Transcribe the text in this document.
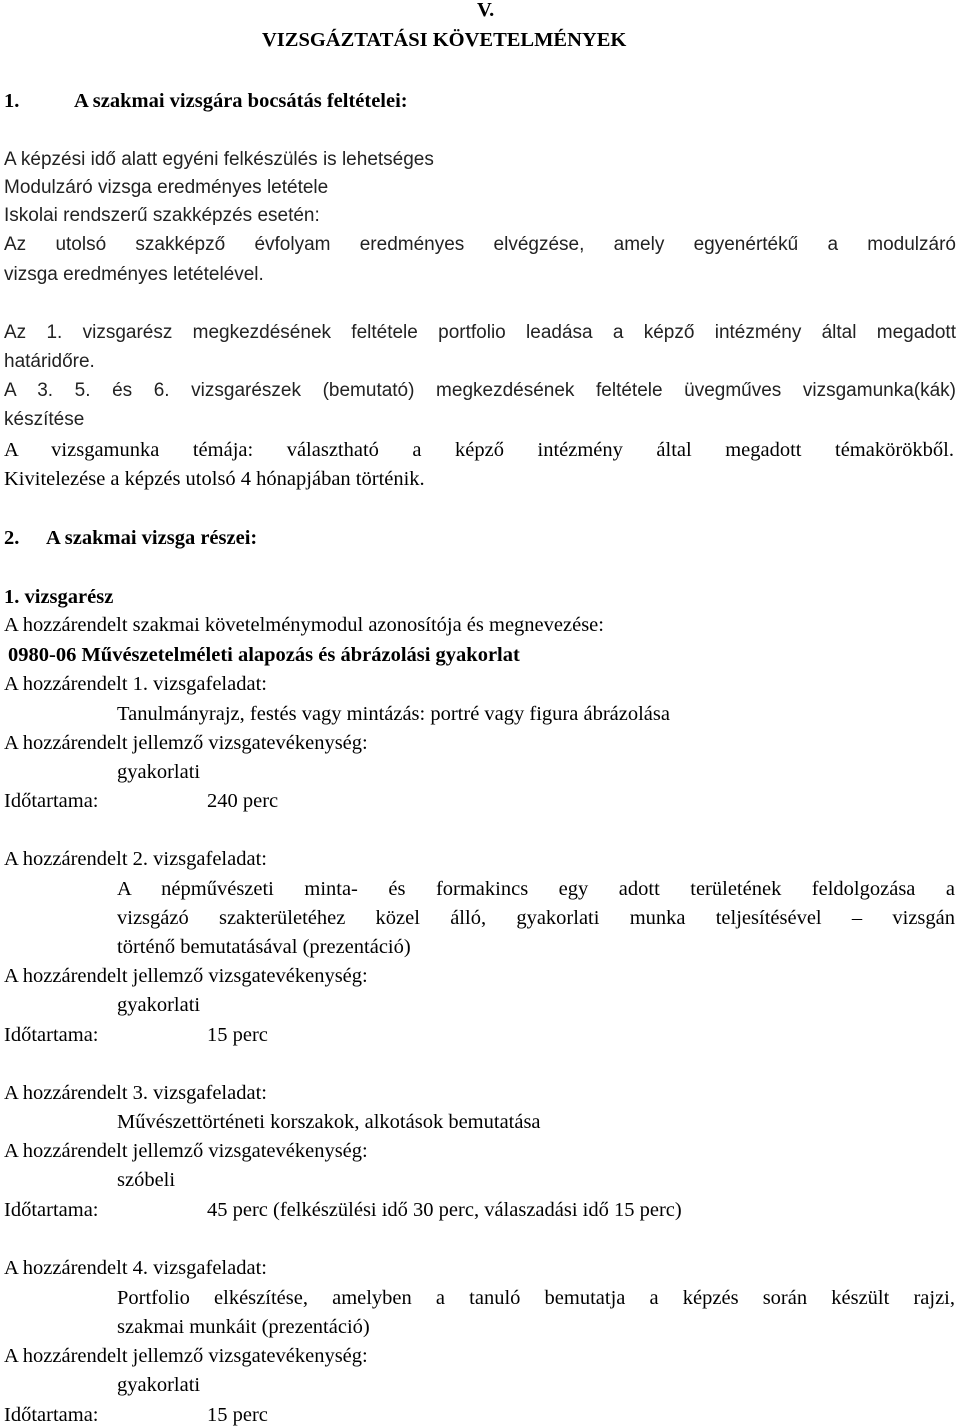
V.
VIZSGÁZTATÁSI KÖVETELMÉNYEK
1.	A szakmai vizsgára bocsátás feltételei:
A képzési idő alatt egyéni felkészülés is lehetséges
Modulzáró vizsga eredményes letétele
Iskolai rendszerű szakképzés esetén:
Az utolsó szakképző évfolyam eredményes elvégzése, amely egyenértékű a modulzáró
vizsga eredményes letételével.
Az 1. vizsgarész megkezdésének feltétele portfolio leadása a képző intézmény által megadott
határidőre.
A 3. 5. és 6. vizsgarészek (bemutató) megkezdésének feltétele üvegműves vizsgamunka(kák)
készítése
A vizsgamunka témája: választható a képző intézmény által megadott témakörökből.
Kivitelezése a képzés utolsó 4 hónapjában történik.
2. A szakmai vizsga részei:
1. vizsgarész
A hozzárendelt szakmai követelménymodul azonosítója és megnevezése:
0980-06 Művészetelméleti alapozás és ábrázolási gyakorlat
A hozzárendelt 1. vizsgafeladat:
Tanulmányrajz, festés vagy mintázás: portré vagy figura ábrázolása
A hozzárendelt jellemző vizsgatevékenység:
gyakorlati
Időtartama:	240 perc
A hozzárendelt 2. vizsgafeladat:
A népművészeti minta- és formakincs egy adott területének feldolgozása a
vizsgázó szakterületéhez közel álló, gyakorlati munka teljesítésével – vizsgán
történő bemutatásával (prezentáció)
A hozzárendelt jellemző vizsgatevékenység:
gyakorlati
Időtartama:	15 perc
A hozzárendelt 3. vizsgafeladat:
Művészettörténeti korszakok, alkotások bemutatása
A hozzárendelt jellemző vizsgatevékenység:
szóbeli
Időtartama:	45 perc (felkészülési idő 30 perc, válaszadási idő 15 perc)
A hozzárendelt 4. vizsgafeladat:
Portfolio elkészítése, amelyben a tanuló bemutatja a képzés során készült rajzi,
szakmai munkáit (prezentáció)
A hozzárendelt jellemző vizsgatevékenység:
gyakorlati
Időtartama:	15 perc
